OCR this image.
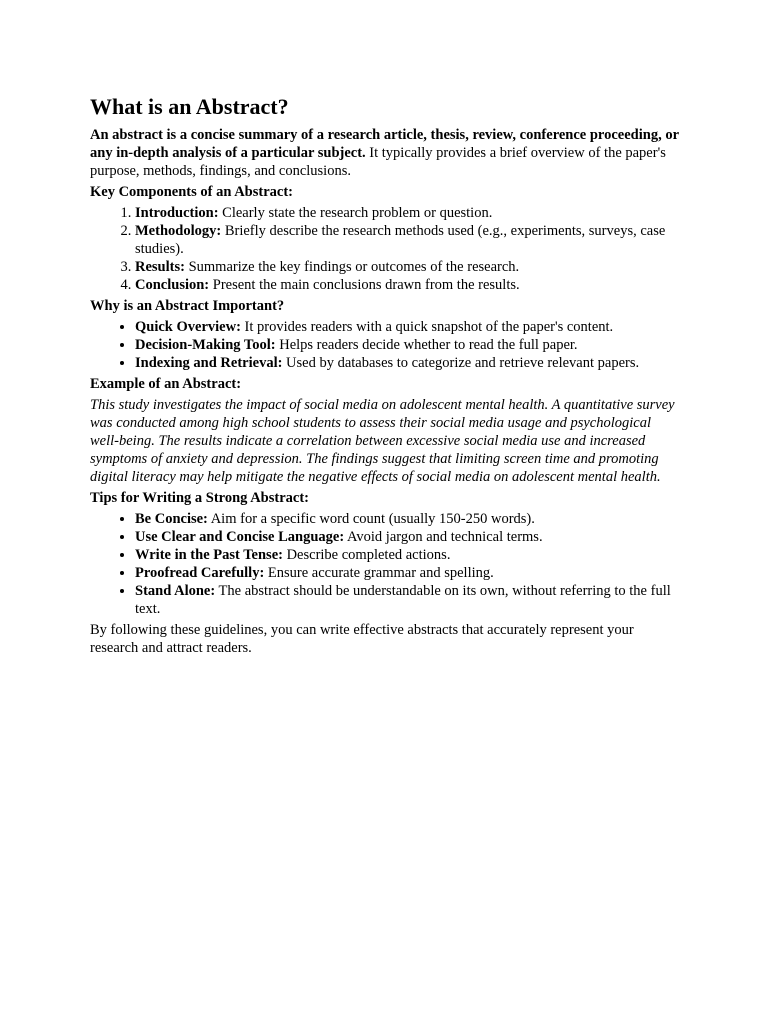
What is an Abstract?

An abstract is a concise summary of a research article, thesis, review, conference proceeding, or any in-depth analysis of a particular subject. It typically provides a brief overview of the paper's purpose, methods, findings, and conclusions.

Key Components of an Abstract:
1. Introduction: Clearly state the research problem or question.
2. Methodology: Briefly describe the research methods used (e.g., experiments, surveys, case studies).
3. Results: Summarize the key findings or outcomes of the research.
4. Conclusion: Present the main conclusions drawn from the results.
Why is an Abstract Important?
• Quick Overview: It provides readers with a quick snapshot of the paper's content.
• Decision-Making Tool: Helps readers decide whether to read the full paper.
• Indexing and Retrieval: Used by databases to categorize and retrieve relevant papers.
Example of an Abstract:

This study investigates the impact of social media on adolescent mental health. A quantitative survey was conducted among high school students to assess their social media usage and psychological well-being. The results indicate a correlation between excessive social media use and increased symptoms of anxiety and depression. The findings suggest that limiting screen time and promoting digital literacy may help mitigate the negative effects of social media on adolescent mental health.

Tips for Writing a Strong Abstract:
• Be Concise: Aim for a specific word count (usually 150-250 words).
• Use Clear and Concise Language: Avoid jargon and technical terms.
• Write in the Past Tense: Describe completed actions.
• Proofread Carefully: Ensure accurate grammar and spelling.
• Stand Alone: The abstract should be understandable on its own, without referring to the full text.

By following these guidelines, you can write effective abstracts that accurately represent your research and attract readers.
